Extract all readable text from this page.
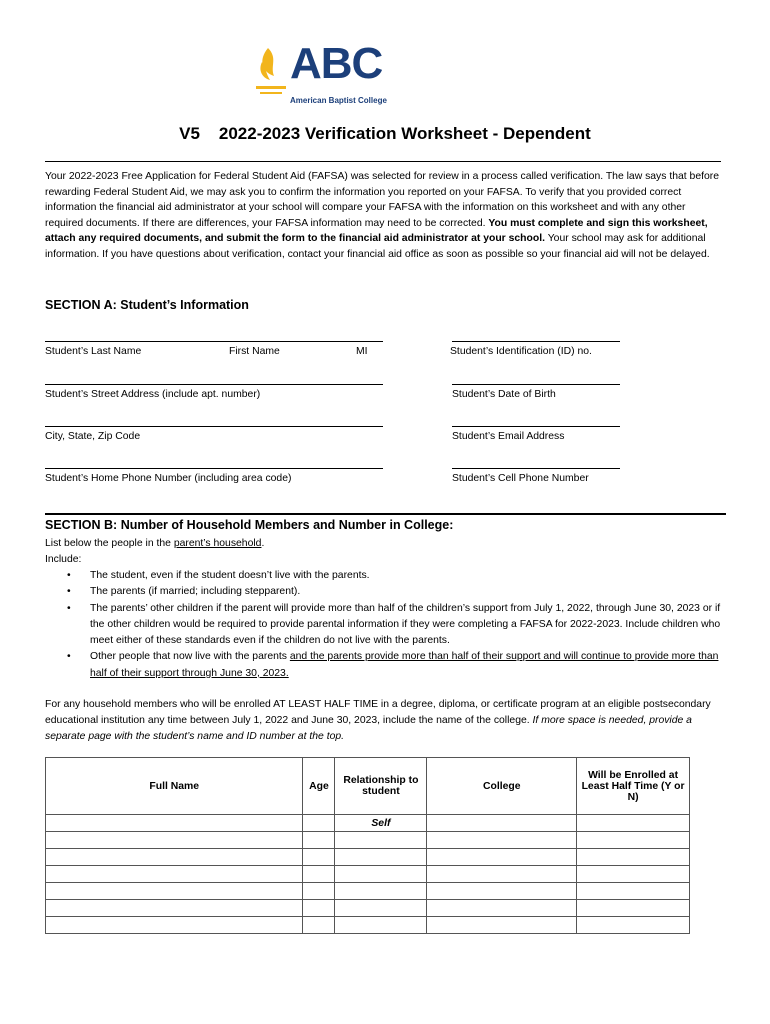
ABC
American Baptist College
V5 2022-2023 Verification Worksheet - Dependent
Your 2022-2023 Free Application for Federal Student Aid (FAFSA) was selected for review in a process called verification. The law says that before rewarding Federal Student Aid, we may ask you to confirm the information you reported on your FAFSA. To verify that you provided correct information the financial aid administrator at your school will compare your FAFSA with the information on this worksheet and with any other required documents. If there are differences, your FAFSA information may need to be corrected. You must complete and sign this worksheet, attach any required documents, and submit the form to the financial aid administrator at your school. Your school may ask for additional information. If you have questions about verification, contact your financial aid office as soon as possible so your financial aid will not be delayed.
SECTION A: Student’s Information
Student’s Last Name	First Name	MI	Student’s Identification (ID) no.
Student’s Street Address (include apt. number)	Student’s Date of Birth
City, State, Zip Code	Student’s Email Address
Student’s Home Phone Number (including area code)	Student’s Cell Phone Number
SECTION B: Number of Household Members and Number in College:
List below the people in the parent’s household.
Include:
• The student, even if the student doesn’t live with the parents.
• The parents (if married; including stepparent).
• The parents’ other children if the parent will provide more than half of the children’s support from July 1, 2022, through June 30, 2023 or if the other children would be required to provide parental information if they were completing a FAFSA for 2022-2023. Include children who meet either of these standards even if the children do not live with the parents.
• Other people that now live with the parents and the parents provide more than half of their support and will continue to provide more than half of their support through June 30, 2023.
For any household members who will be enrolled AT LEAST HALF TIME in a degree, diploma, or certificate program at an eligible postsecondary educational institution any time between July 1, 2022 and June 30, 2023, include the name of the college. If more space is needed, provide a separate page with the student’s name and ID number at the top.
Full Name	Age	Relationship to student	College	Will be Enrolled at Least Half Time (Y or N)
		Self		
